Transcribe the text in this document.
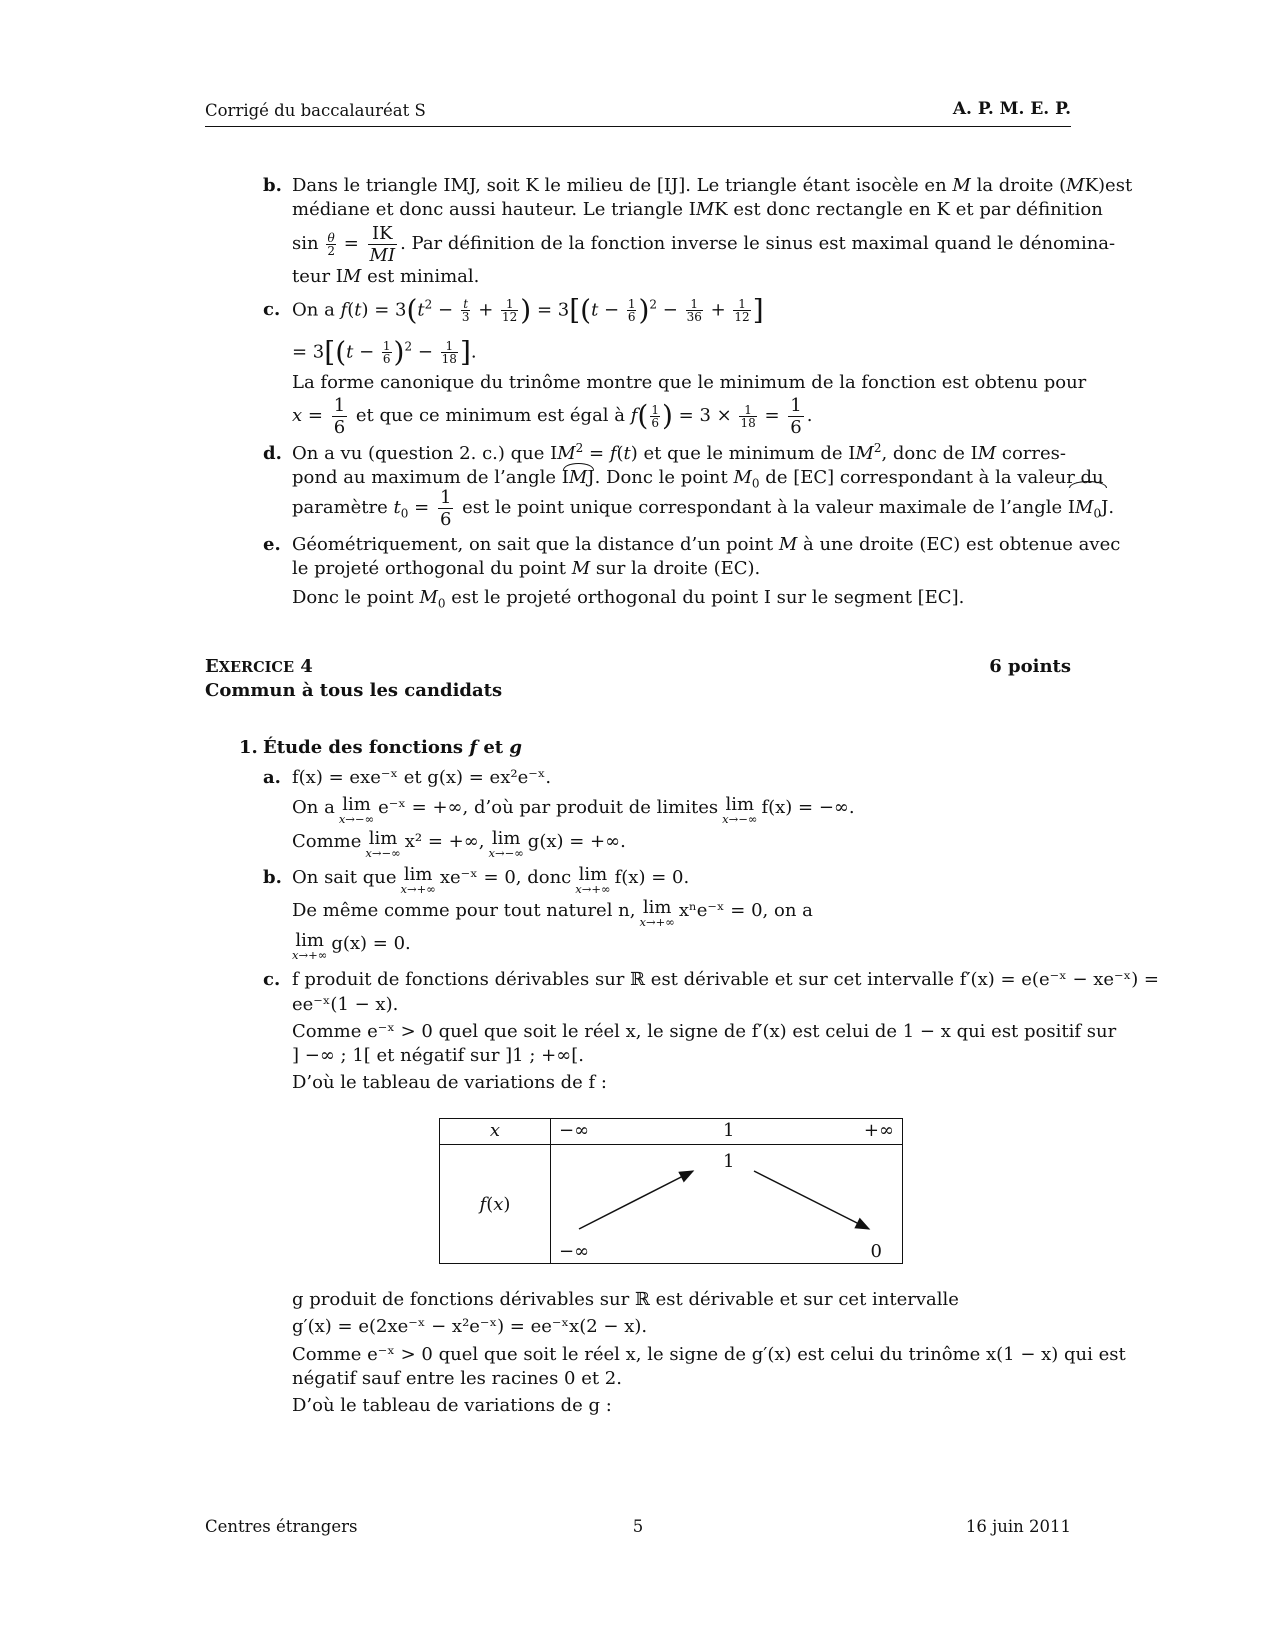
Corrigé du baccalauréat S	A. P. M. E. P.
b. Dans le triangle IMJ, soit K le milieu de [IJ]. Le triangle étant isocèle en M la droite (MK)est
médiane et donc aussi hauteur. Le triangle IMK est donc rectangle en K et par définition
$\sin \frac{\theta}{2} = \frac{IK}{MI}$ . Par définition de la fonction inverse le sinus est maximal quand le dénomina-
teur IM est minimal.
c. On a $f(t) = 3(t^2 - \frac{t}{3} + \frac{1}{12}$ ) = $3[(t - \frac{1}{6} )^2 - \frac{1}{36} + \frac{1}{12}$ ]
= $3[(t - \frac{1}{6} )^2 - \frac{1}{18}$ ].
La forme canonique du trinôme montre que le minimum de la fonction est obtenu pour
$x = \frac{1}{6}$ et que ce minimum est égal à $f( \frac{1}{6}$ ) = $3 \times \frac{1}{18} = \frac{1}{6}$ .
d. On a vu (question 2. c.) que $IM^2 = f(t)$ et que le minimum de $IM^2$, donc de IM corres-
pond au maximum de l’angle IMJ. Donc le point $M_0$ de [EC] correspondant à la valeur du
paramètre $t_0 = \frac{1}{6}$ est le point unique correspondant à la valeur maximale de l’angle $IM_0J$.
e. Géométriquement, on sait que la distance d’un point M à une droite (EC) est obtenue avec
le projeté orthogonal du point M sur la droite (EC).
Donc le point $M_0$ est le projeté orthogonal du point I sur le segment [EC].
EXERCICE 4	6 points
Commun à tous les candidats
1. Étude des fonctions f et g
a. f(x) = exe⁻ˣ et g(x) = ex²e⁻ˣ.
On a lim
x→−∞
e⁻ˣ = +∞, d’où par produit de limites lim
x→−∞
f(x) = −∞.
Comme lim
x→−∞
x² = +∞, lim
x→−∞
g(x) = +∞.
b. On sait que lim
x→+∞
xe⁻ˣ = 0, donc lim
x→+∞
f(x) = 0.
De même comme pour tout naturel n, lim
x→+∞
xⁿe⁻ˣ = 0, on a
lim
x→+∞
g(x) = 0.
c. f produit de fonctions dérivables sur ℝ est dérivable et sur cet intervalle f′(x) = e(e⁻ˣ − xe⁻ˣ) =
ee⁻ˣ(1 − x).
Comme e⁻ˣ > 0 quel que soit le réel x, le signe de f′(x) est celui de 1 − x qui est positif sur
] −∞ ; 1[ et négatif sur ]1 ; +∞[.
D’où le tableau de variations de f :
x	−∞ 1 +∞

f(x)	1
−∞ 0
g produit de fonctions dérivables sur ℝ est dérivable et sur cet intervalle
g′(x) = e(2xe⁻ˣ − x²e⁻ˣ) = ee⁻ˣx(2 − x).
Comme e⁻ˣ > 0 quel que soit le réel x, le signe de g′(x) est celui du trinôme x(1 − x) qui est
négatif sauf entre les racines 0 et 2.
D’où le tableau de variations de g :
Centres étrangers	5	16 juin 2011
